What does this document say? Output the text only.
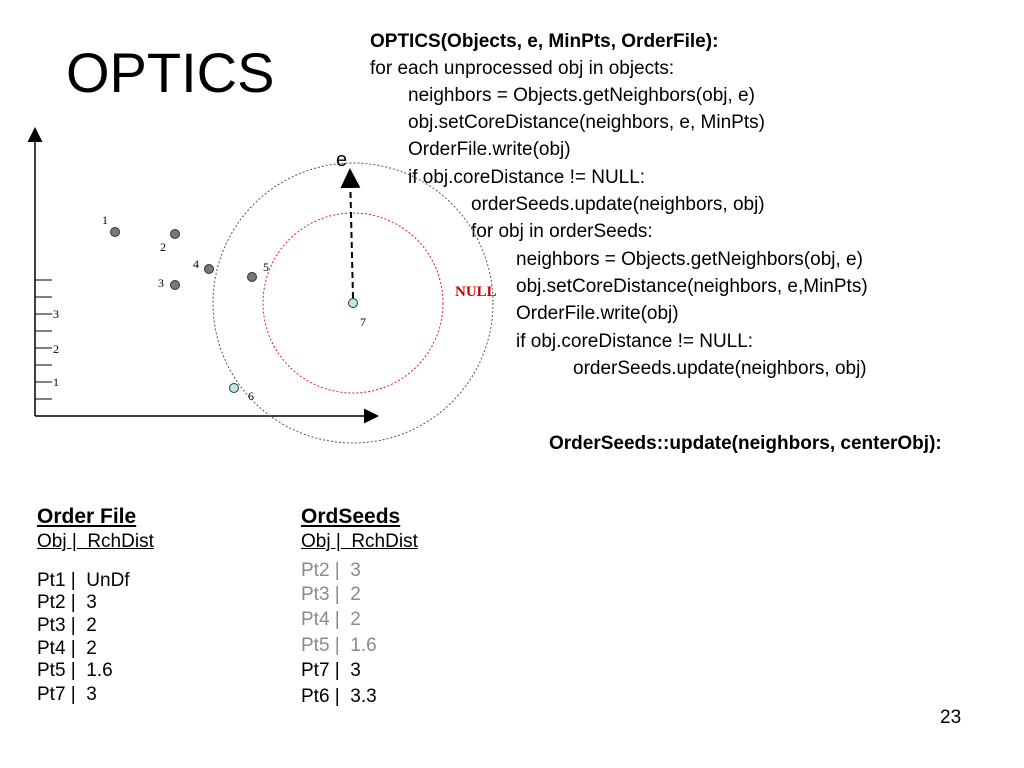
OPTICS	OPTICS(Objects, e, MinPts, OrderFile):
for each unprocessed obj in objects:
neighbors = Objects.getNeighbors(obj, e)
obj.setCoreDistance(neighbors, e, MinPts)
OrderFile.write(obj)
if obj.coreDistance != NULL:
orderSeeds.update(neighbors, obj)
for obj in orderSeeds:
neighbors = Objects.getNeighbors(obj, e)
obj.setCoreDistance(neighbors, e,MinPts)
OrderFile.write(obj)
if obj.coreDistance != NULL:
orderSeeds.update(neighbors, obj)
OrderSeeds::update(neighbors, centerObj):
3
2
1
e
NULL
1
2
3
4	5
6
7
Order File
Obj |  RchDist
Pt1 | UnDf
Pt2 | 3
Pt3 | 2
Pt4 | 2
Pt5 | 1.6
Pt7 | 3
OrdSeeds
Obj |  RchDist
Pt2 | 3
Pt3 | 2
Pt4 | 2
Pt5 | 1.6
Pt7 | 3
Pt6 | 3.3
23
